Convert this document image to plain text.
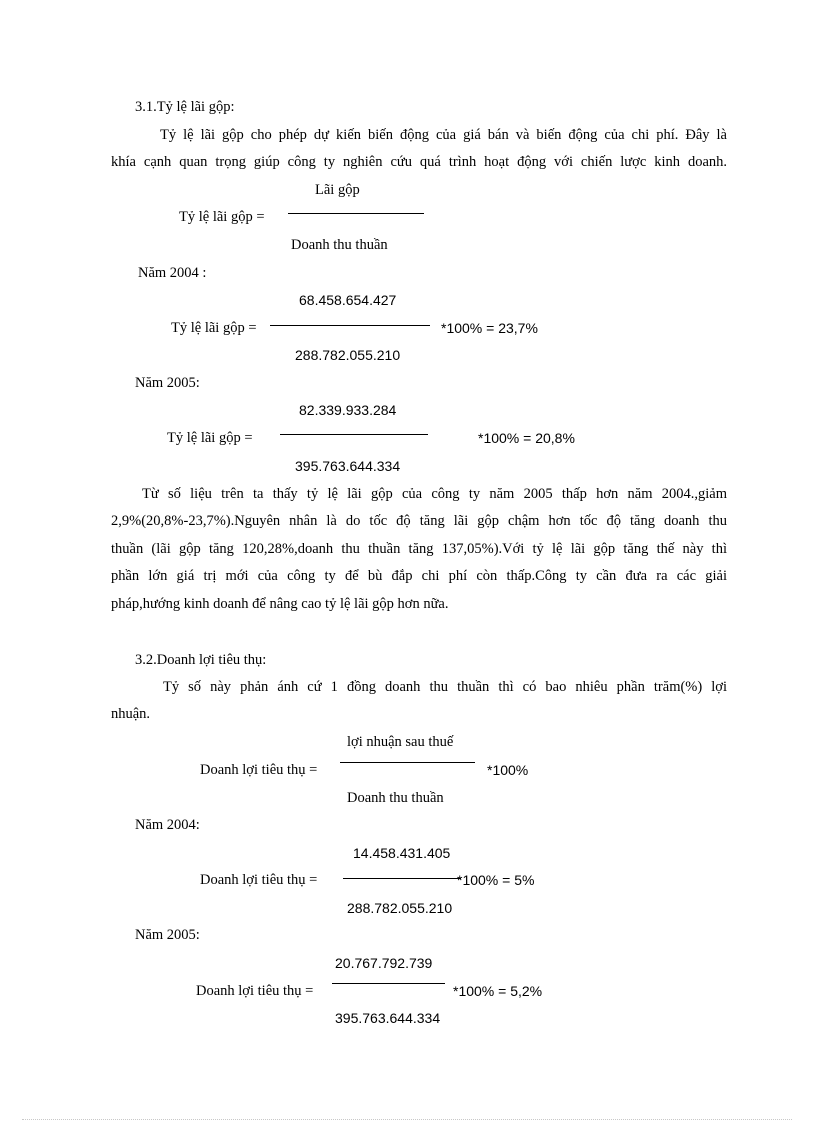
3.1.Tỷ lệ lãi gộp:
Tỷ lệ lãi gộp cho phép dự kiến biến động của giá bán và biến động của chi phí. Đây là
khía cạnh quan trọng giúp công ty nghiên cứu quá trình hoạt động với chiến lược kinh doanh.
Lãi gộp
Tỷ lệ lãi gộp =
Doanh thu thuần
Năm 2004 :
68.458.654.427
Tỷ lệ lãi gộp =	*100% = 23,7%
288.782.055.210
Năm 2005:
82.339.933.284
Tỷ lệ lãi gộp =	*100% = 20,8%
395.763.644.334
Từ số liệu trên ta thấy tỷ lệ lãi gộp của công ty năm 2005 thấp hơn năm 2004.,giảm
2,9%(20,8%-23,7%).Nguyên nhân là do tốc độ tăng lãi gộp chậm hơn tốc độ tăng doanh thu
thuần (lãi gộp tăng 120,28%,doanh thu thuần tăng 137,05%).Với tỷ lệ lãi gộp tăng thế này thì
phần lớn giá trị mới của công ty để bù đắp chi phí còn thấp.Công ty cần đưa ra các giải
pháp,hướng kinh doanh để nâng cao tỷ lệ lãi gộp hơn nữa.
3.2.Doanh lợi tiêu thụ:
Tỷ số này phản ánh cứ 1 đồng doanh thu thuần thì có bao nhiêu phần trăm(%) lợi
nhuận.
lợi nhuận sau thuế
Doanh lợi tiêu thụ =	*100%
Doanh thu thuần
Năm 2004:
14.458.431.405
Doanh lợi tiêu thụ =	*100% = 5%
288.782.055.210
Năm 2005:
20.767.792.739
Doanh lợi tiêu thụ =	*100% = 5,2%
395.763.644.334
